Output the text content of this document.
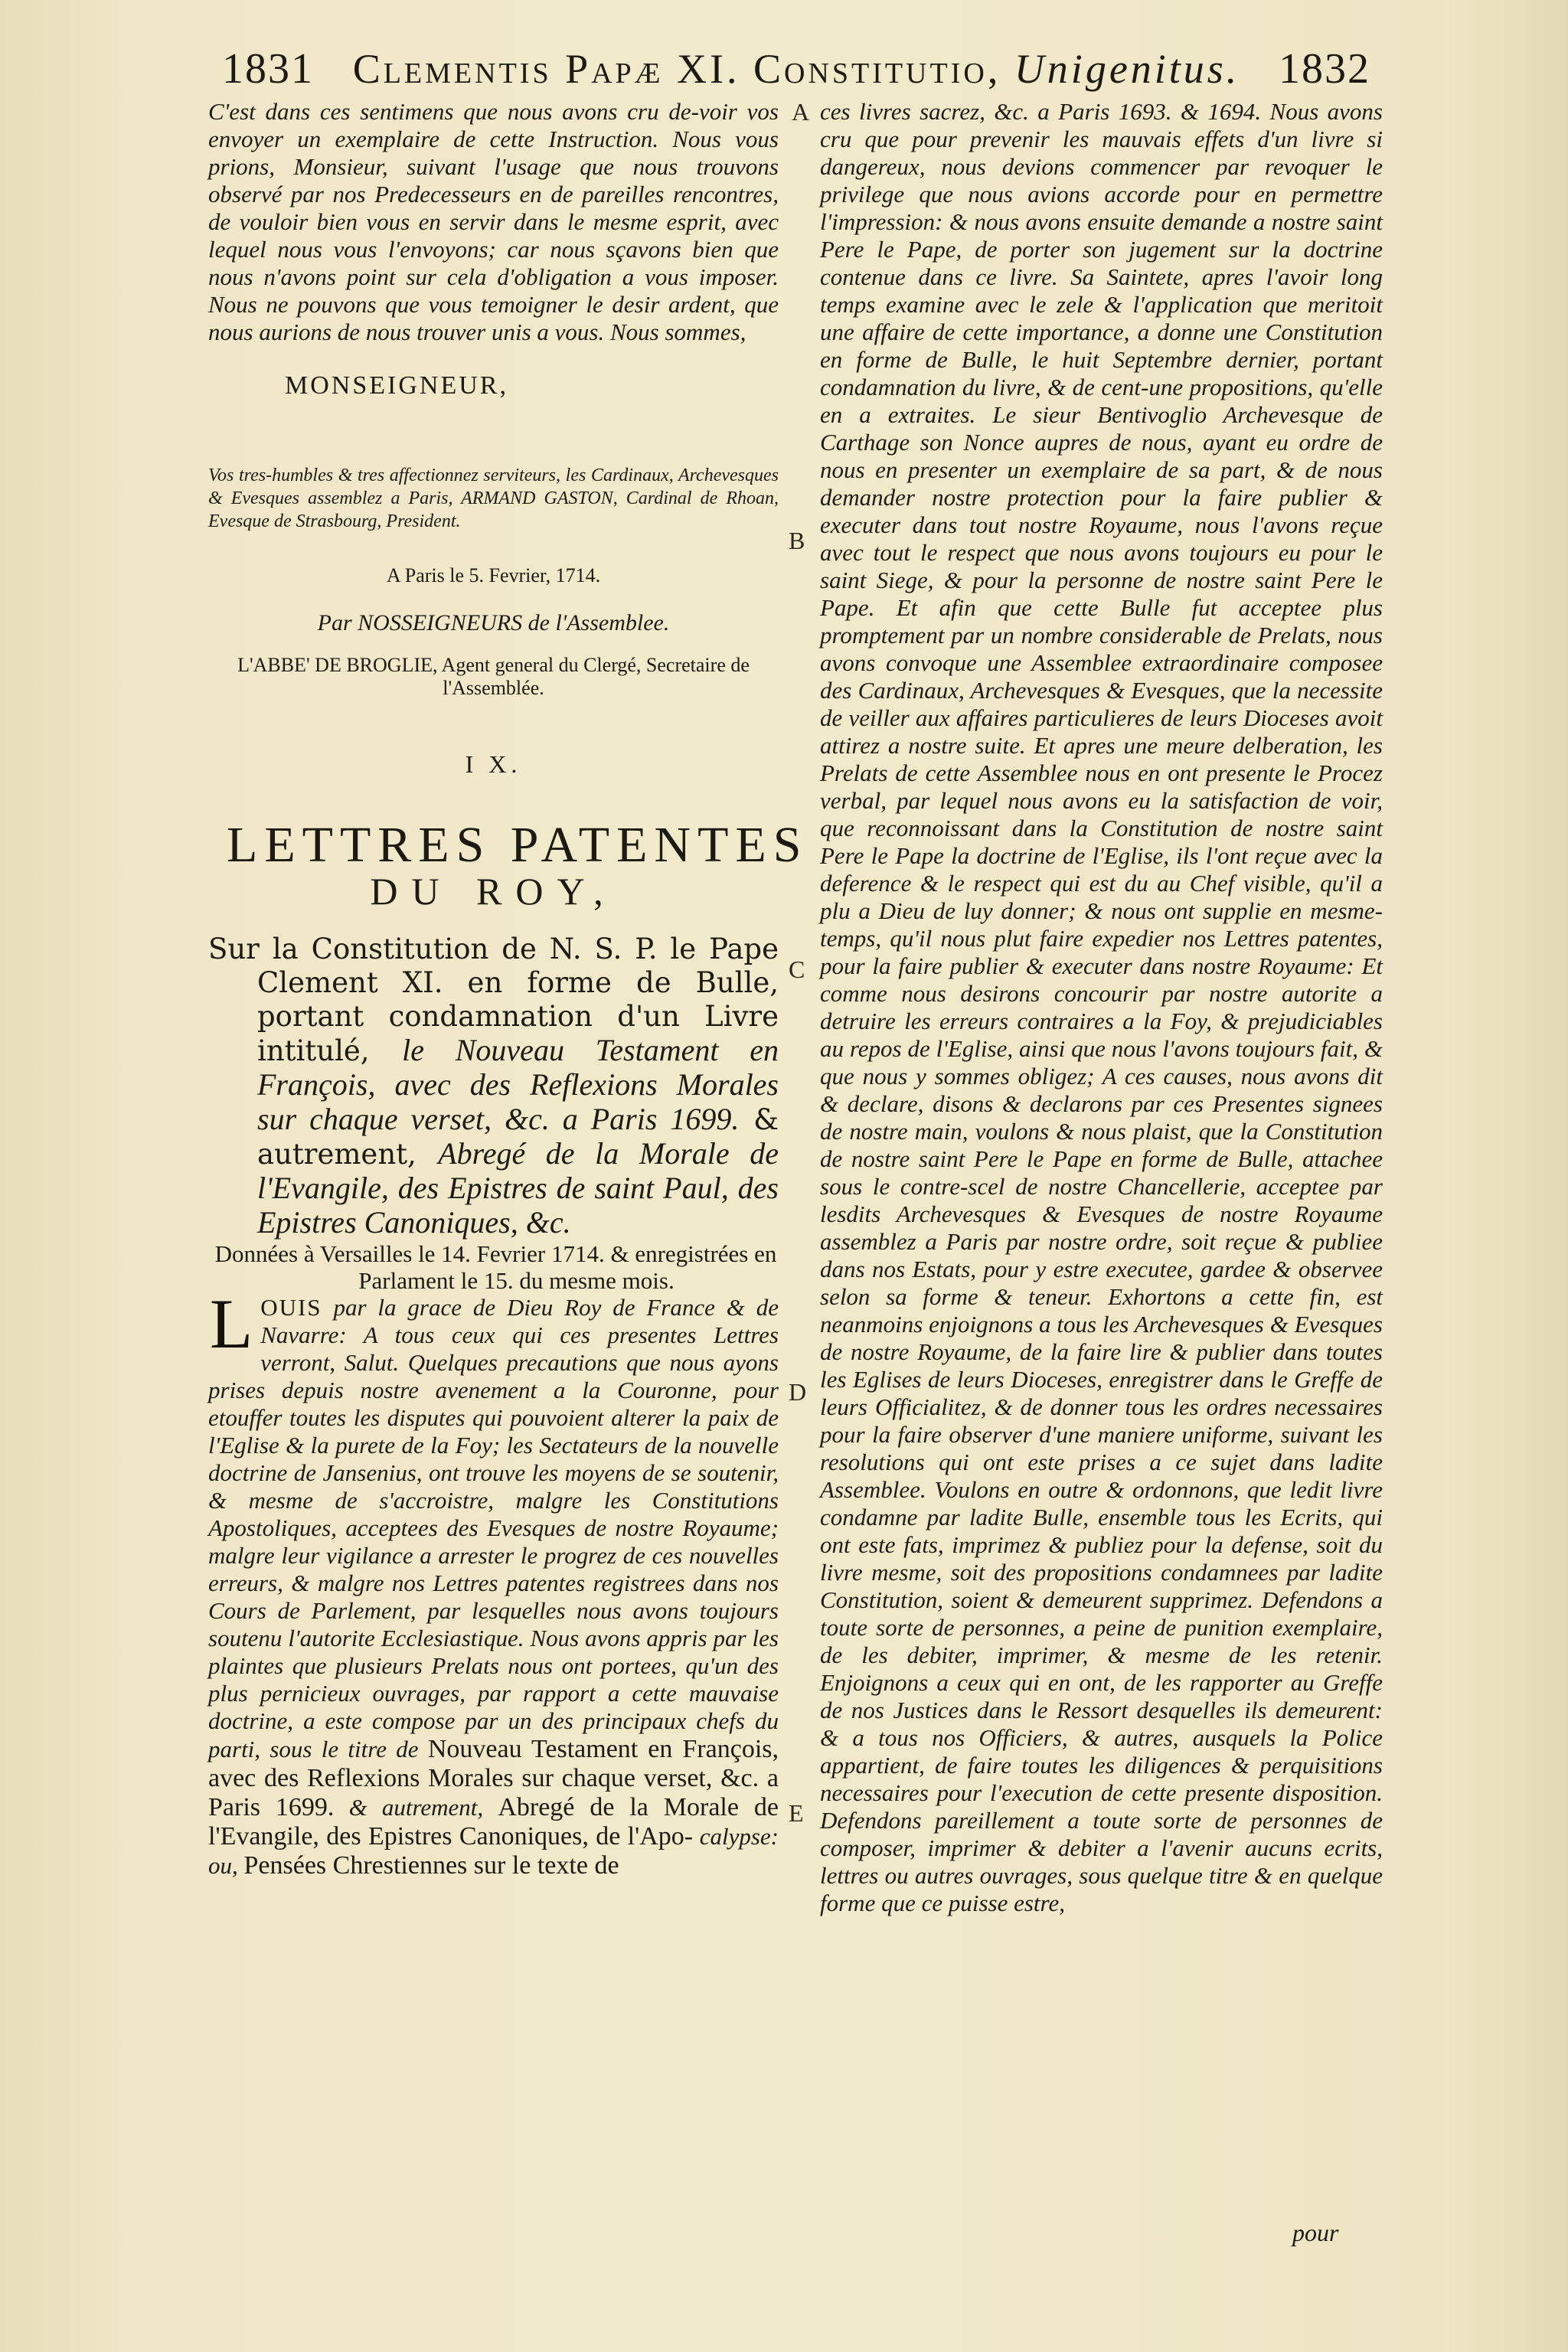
1831 Clementis Papæ XI. Constitutio, Unigenitus. 1832
A
B
C
D
E

C'est dans ces sentimens que nous avons cru de-voir vos envoyer un exemplaire de cette Instruction. Nous vous prions, Monsieur, suivant l'usage que nous trouvons observé par nos Predecesseurs en de pareilles rencontres, de vouloir bien vous en servir dans le mesme esprit, avec lequel nous vous l'envoyons; car nous sçavons bien que nous n'avons point sur cela d'obligation a vous imposer. Nous ne pouvons que vous temoigner le desir ardent, que nous aurions de nous trouver unis a vous. Nous sommes,

MONSEIGNEUR,

Vos tres-humbles & tres affectionnez serviteurs, les Cardinaux, Archevesques & Evesques assemblez a Paris, ARMAND GASTON, Cardinal de Rhoan, Evesque de Strasbourg, President.

A Paris le 5. Fevrier, 1714.
Par NOSSEIGNEURS de l'Assemblee.
L'ABBE' DE BROGLIE, Agent general du Clergé, Secretaire de l'Assemblée.
I X.
LETTRES PATENTES
DU ROY,

Sur la Constitution de N. S. P. le Pape Clement XI. en forme de Bulle, portant condamnation d'un Livre intitulé, le Nouveau Testament en François, avec des Reflexions Morales sur chaque verset, &c. a Paris 1699. & autrement, Abregé de la Morale de l'Evangile, des Epistres de saint Paul, des Epistres Canoniques, &c.

Données à Versailles le 14. Fevrier 1714. & enregistrées en Parlament le 15. du mesme mois.

L OUIS par la grace de Dieu Roy de France & de Navarre: A tous ceux qui ces presentes Lettres verront, Salut. Quelques precautions que nous ayons prises depuis nostre avenement a la Couronne, pour etouffer toutes les disputes qui pouvoient alterer la paix de l'Eglise & la purete de la Foy; les Sectateurs de la nouvelle doctrine de Jansenius, ont trouve les moyens de se soutenir, & mesme de s'accroistre, malgre les Constitutions Apostoliques, acceptees des Evesques de nostre Royaume; malgre leur vigilance a arrester le progrez de ces nouvelles erreurs, & malgre nos Lettres patentes registrees dans nos Cours de Parlement, par lesquelles nous avons toujours soutenu l'autorite Ecclesiastique. Nous avons appris par les plaintes que plusieurs Prelats nous ont portees, qu'un des plus pernicieux ouvrages, par rapport a cette mauvaise doctrine, a este compose par un des principaux chefs du parti, sous le titre de Nouveau Testament en François, avec des Reflexions Morales sur chaque verset, &c. a Paris 1699. & autrement, Abregé de la Morale de l'Evangile, des Epistres Canoniques, de l'Apo- calypse: ou, Pensées Chrestiennes sur le texte de

ces livres sacrez, &c. a Paris 1693. & 1694. Nous avons cru que pour prevenir les mauvais effets d'un livre si dangereux, nous devions commencer par revoquer le privilege que nous avions accorde pour en permettre l'impression: & nous avons ensuite demande a nostre saint Pere le Pape, de porter son jugement sur la doctrine contenue dans ce livre. Sa Saintete, apres l'avoir long temps examine avec le zele & l'application que meritoit une affaire de cette importance, a donne une Constitution en forme de Bulle, le huit Septembre dernier, portant condamnation du livre, & de cent-une propositions, qu'elle en a extraites. Le sieur Bentivoglio Archevesque de Carthage son Nonce aupres de nous, ayant eu ordre de nous en presenter un exemplaire de sa part, & de nous demander nostre protection pour la faire publier & executer dans tout nostre Royaume, nous l'avons reçue avec tout le respect que nous avons toujours eu pour le saint Siege, & pour la personne de nostre saint Pere le Pape. Et afin que cette Bulle fut acceptee plus promptement par un nombre considerable de Prelats, nous avons convoque une Assemblee extraordinaire composee des Cardinaux, Archevesques & Evesques, que la necessite de veiller aux affaires particulieres de leurs Dioceses avoit attirez a nostre suite. Et apres une meure delberation, les Prelats de cette Assemblee nous en ont presente le Procez verbal, par lequel nous avons eu la satisfaction de voir, que reconnoissant dans la Constitution de nostre saint Pere le Pape la doctrine de l'Eglise, ils l'ont reçue avec la deference & le respect qui est du au Chef visible, qu'il a plu a Dieu de luy donner; & nous ont supplie en mesme-temps, qu'il nous plut faire expedier nos Lettres patentes, pour la faire publier & executer dans nostre Royaume: Et comme nous desirons concourir par nostre autorite a detruire les erreurs contraires a la Foy, & prejudiciables au repos de l'Eglise, ainsi que nous l'avons toujours fait, & que nous y sommes obligez; A ces causes, nous avons dit & declare, disons & declarons par ces Presentes signees de nostre main, voulons & nous plaist, que la Constitution de nostre saint Pere le Pape en forme de Bulle, attachee sous le contre-scel de nostre Chancellerie, acceptee par lesdits Archevesques & Evesques de nostre Royaume assemblez a Paris par nostre ordre, soit reçue & publiee dans nos Estats, pour y estre executee, gardee & observee selon sa forme & teneur. Exhortons a cette fin, est neanmoins enjoignons a tous les Archevesques & Evesques de nostre Royaume, de la faire lire & publier dans toutes les Eglises de leurs Dioceses, enregistrer dans le Greffe de leurs Officialitez, & de donner tous les ordres necessaires pour la faire observer d'une maniere uniforme, suivant les resolutions qui ont este prises a ce sujet dans ladite Assemblee. Voulons en outre & ordonnons, que ledit livre condamne par ladite Bulle, ensemble tous les Ecrits, qui ont este fats, imprimez & publiez pour la defense, soit du livre mesme, soit des propositions condamnees par ladite Constitution, soient & demeurent supprimez. Defendons a toute sorte de personnes, a peine de punition exemplaire, de les debiter, imprimer, & mesme de les retenir. Enjoignons a ceux qui en ont, de les rapporter au Greffe de nos Justices dans le Ressort desquelles ils demeurent: & a tous nos Officiers, & autres, ausquels la Police appartient, de faire toutes les diligences & perquisitions necessaires pour l'execution de cette presente disposition. Defendons pareillement a toute sorte de personnes de composer, imprimer & debiter a l'avenir aucuns ecrits, lettres ou autres ouvrages, sous quelque titre & en quelque forme que ce puisse estre,

pour
